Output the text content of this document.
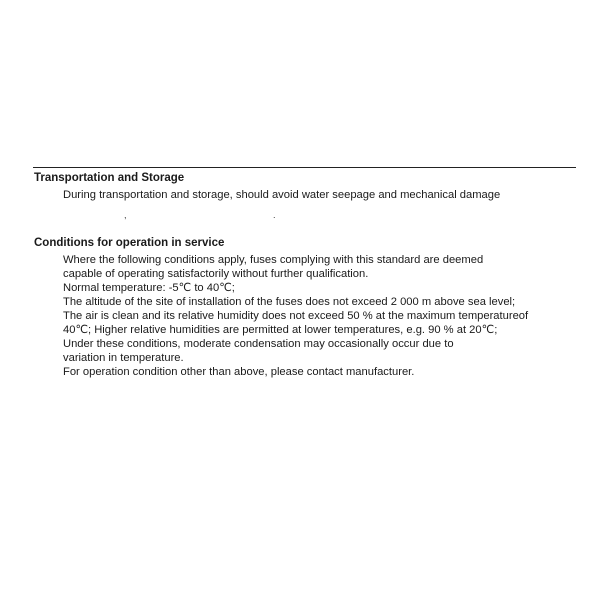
Transportation and Storage
During transportation and storage, should avoid water seepage and mechanical damage
,	.
Conditions for operation in service
Where the following conditions apply, fuses complying with this standard are deemed
capable of operating satisfactorily without further qualification.
Normal temperature: -5℃ to 40℃;
The altitude of the site of installation of the fuses does not exceed 2 000 m above sea level;
The air is clean and its relative humidity does not exceed 50 % at the maximum temperatureof
40℃; Higher relative humidities are permitted at lower temperatures, e.g. 90 % at 20℃;
Under these conditions, moderate condensation may occasionally occur due to
variation in temperature.
For operation condition other than above, please contact manufacturer.
